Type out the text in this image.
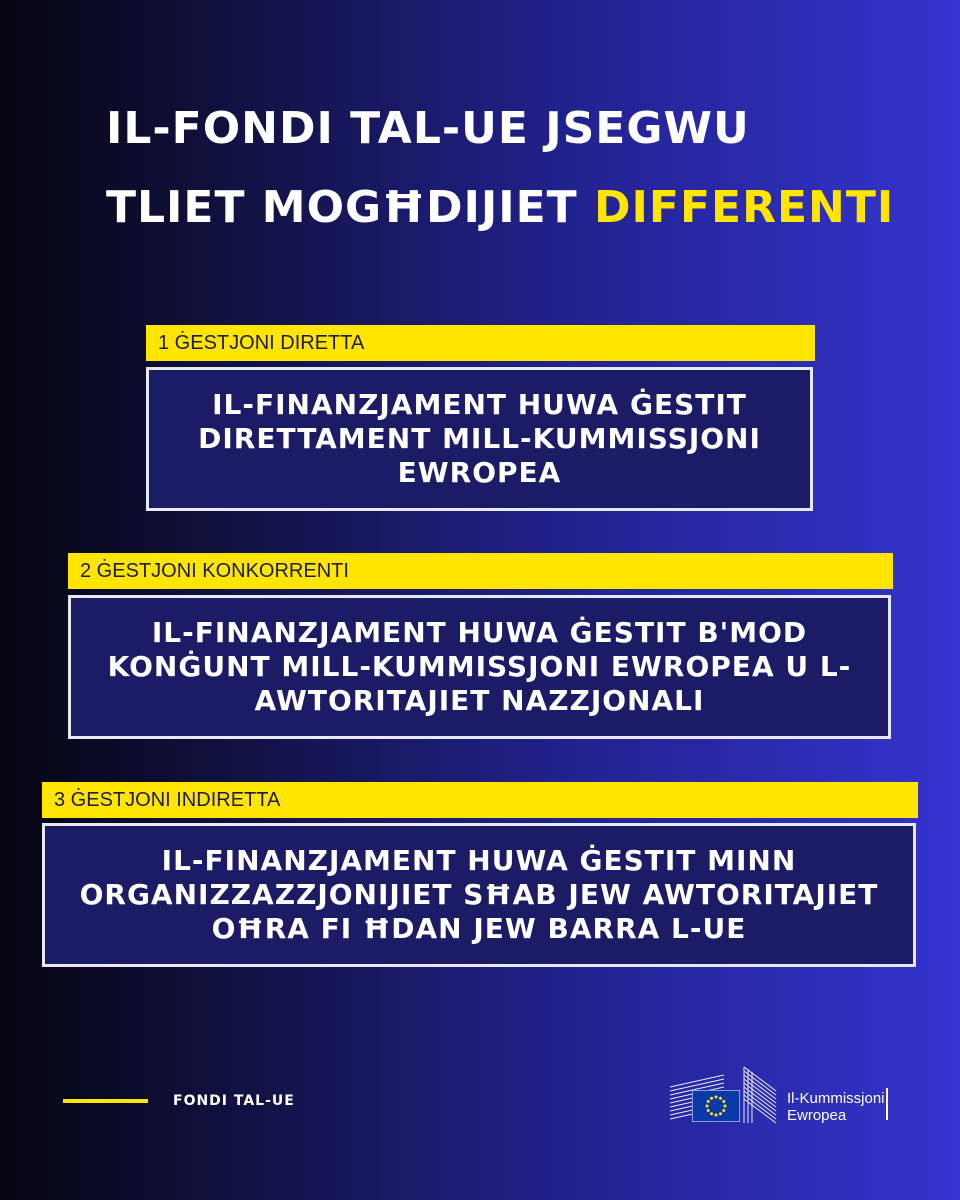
IL-FONDI TAL-UE JSEGWU
TLIET MOGĦDIJIET DIFFERENTI
1 ĠESTJONI DIRETTA
IL-FINANZJAMENT HUWA ĠESTIT DIRETTAMENT MILL-KUMMISSJONI EWROPEA
2 ĠESTJONI KONKORRENTI
IL-FINANZJAMENT HUWA ĠESTIT B'MOD KONĠUNT MILL-KUMMISSJONI EWROPEA U L-AWTORITAJIET NAZZJONALI
3 ĠESTJONI INDIRETTA
IL-FINANZJAMENT HUWA ĠESTIT MINN ORGANIZZAZZJONIJIET SĦAB JEW AWTORITAJIET OĦRA FI ĦDAN JEW BARRA L-UE
FONDI TAL-UE	Il-Kummissjoni
Ewropea
